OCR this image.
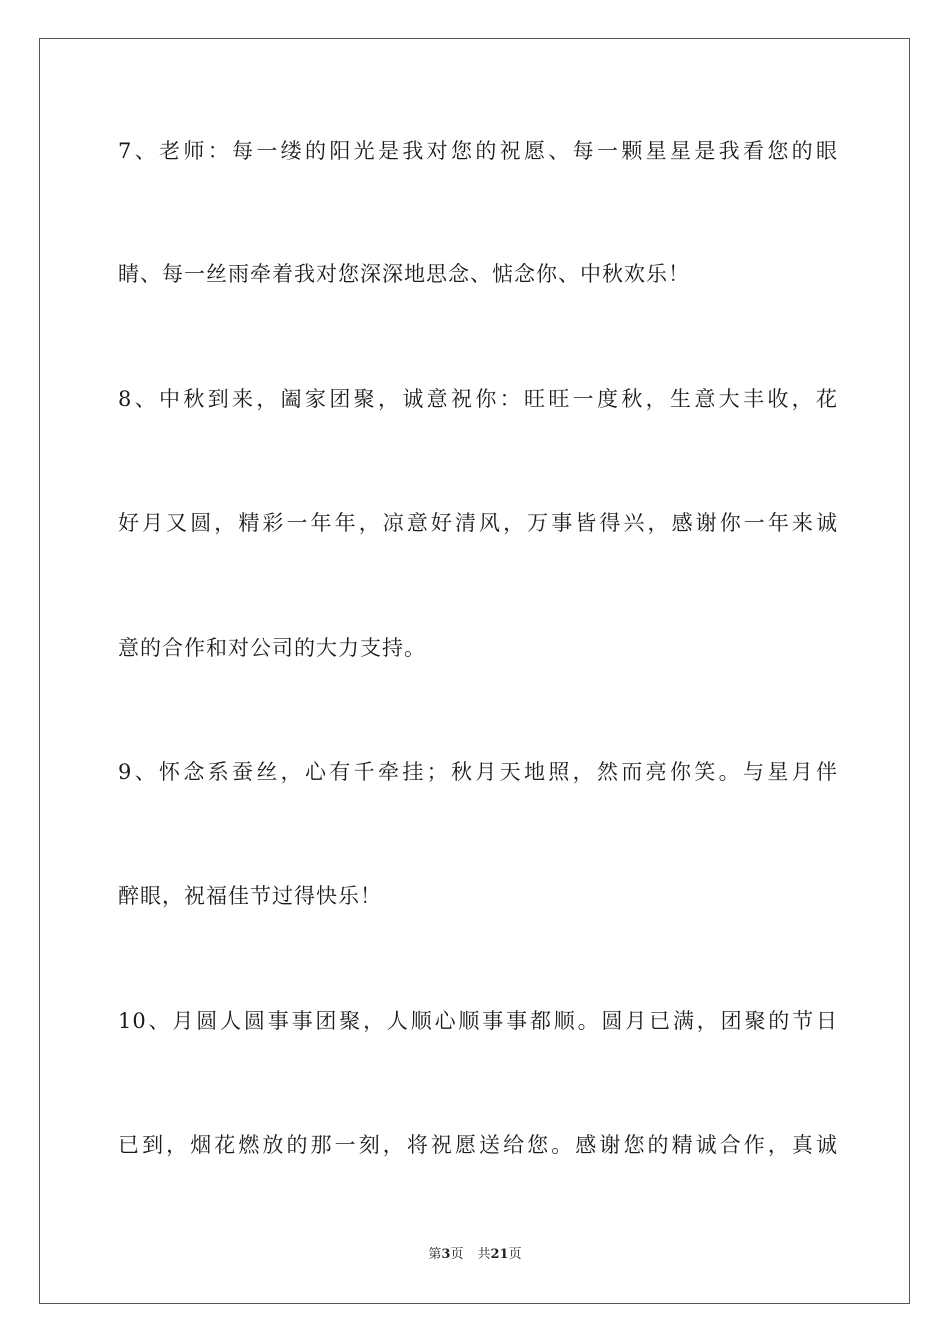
7、老师：每一缕的阳光是我对您的祝愿、每一颗星星是我看您的眼
睛、每一丝雨牵着我对您深深地思念、惦念你、中秋欢乐！
8、中秋到来，阖家团聚，诚意祝你：旺旺一度秋，生意大丰收，花
好月又圆，精彩一年年，凉意好清风，万事皆得兴，感谢你一年来诚
意的合作和对公司的大力支持。
9、怀念系蚕丝，心有千牵挂；秋月天地照，然而亮你笑。与星月伴
醉眼，祝福佳节过得快乐！
10、月圆人圆事事团聚，人顺心顺事事都顺。圆月已满，团聚的节日
已到，烟花燃放的那一刻，将祝愿送给您。感谢您的精诚合作，真诚
第3页 共21页
